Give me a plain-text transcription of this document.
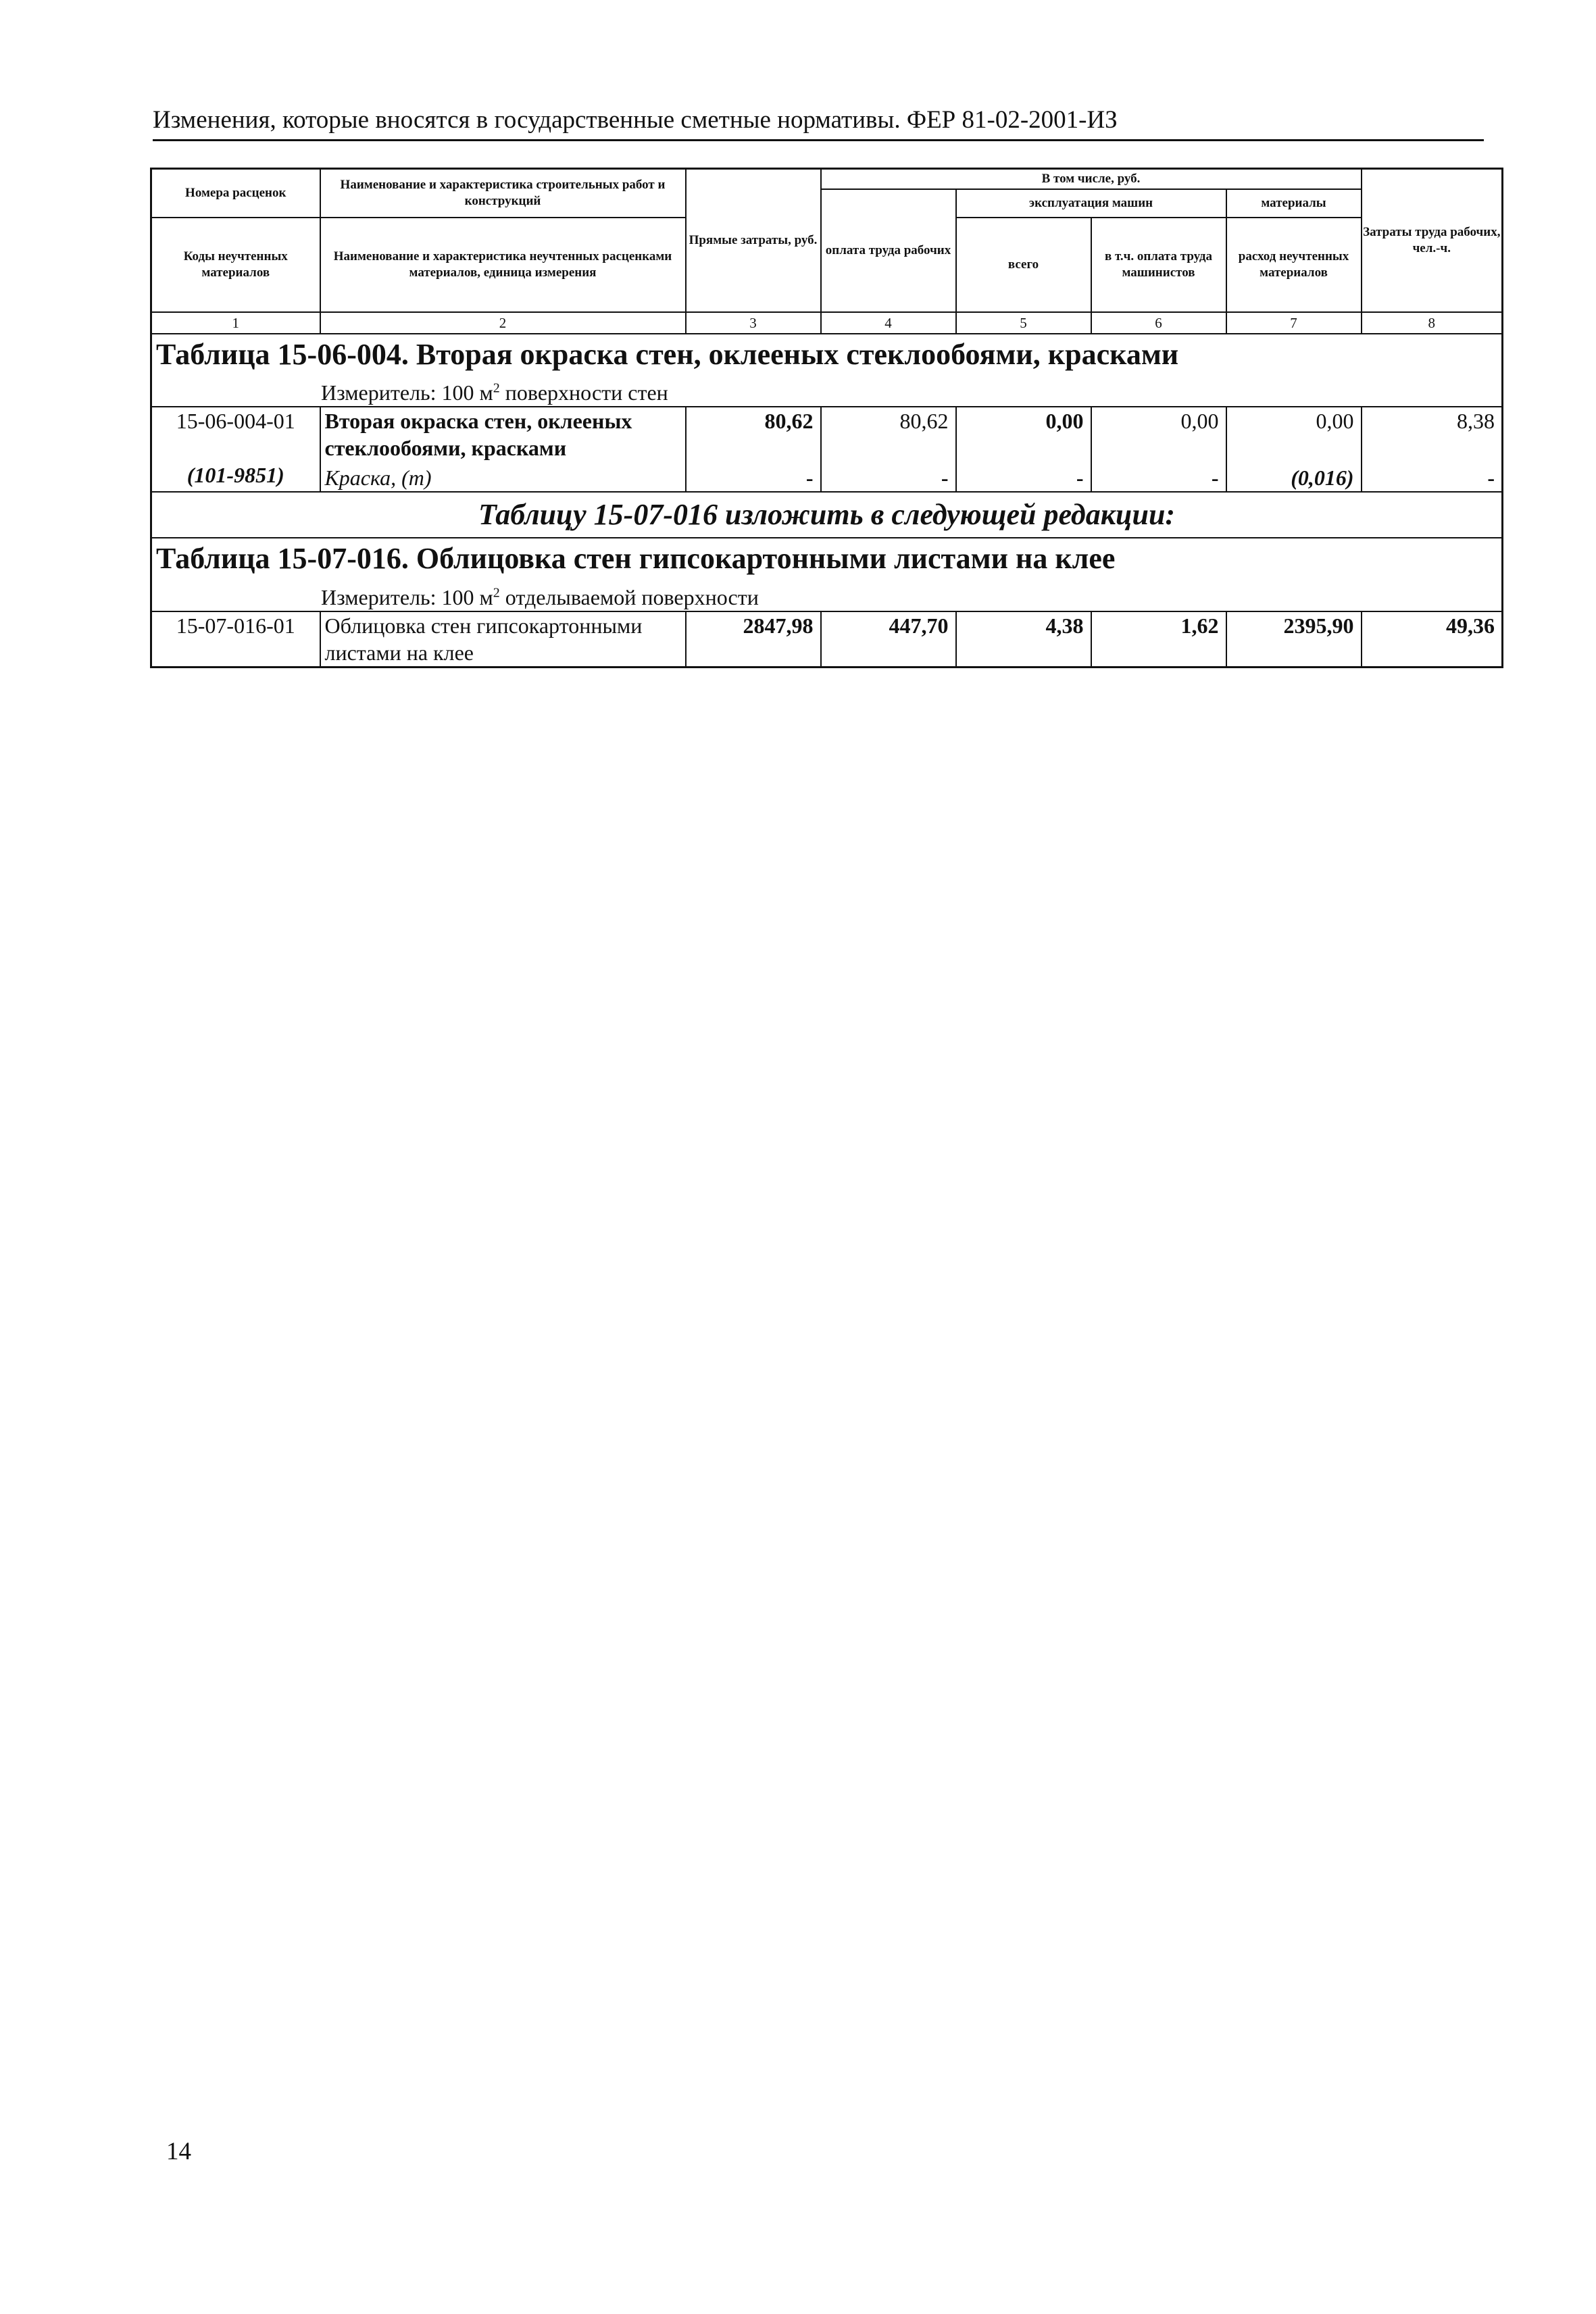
Изменения, которые вносятся в государственные сметные нормативы. ФЕР 81-02-2001-ИЗ
Номера расценок	Наименование и характеристика строительных работ и конструкций	Прямые затраты, руб.	В том числе, руб.				Затраты труда рабочих, чел.-ч.
			оплата труда рабочих	эксплуатация машин		материалы	
Коды неучтенных материалов	Наименование и характеристика неучтенных расценками материалов, единица измерения			всего	в т.ч. оплата труда машинистов	расход неучтенных материалов	

1	2	3	4	5	6	7	8
Таблица 15-06-004. Вторая окраска стен, оклееных стеклообоями, красками							
Измеритель: 100 $м^2$ поверхности стен							
15-06-004-01	Вторая окраска стен, оклееных стеклообоями, красками	80,62	80,62	0,00	0,00	0,00	8,38
(101-9851)	Краска, (т)	-	-	-	-	(0,016)	-
Таблицу 15-07-016 изложить в следующей редакции:							
Таблица 15-07-016. Облицовка стен гипсокартонными листами на клее							
Измеритель: 100 $м^2$ отделываемой поверхности							
15-07-016-01	Облицовка стен гипсокартонными листами на клее	2847,98	447,70	4,38	1,62	2395,90	49,36
14
